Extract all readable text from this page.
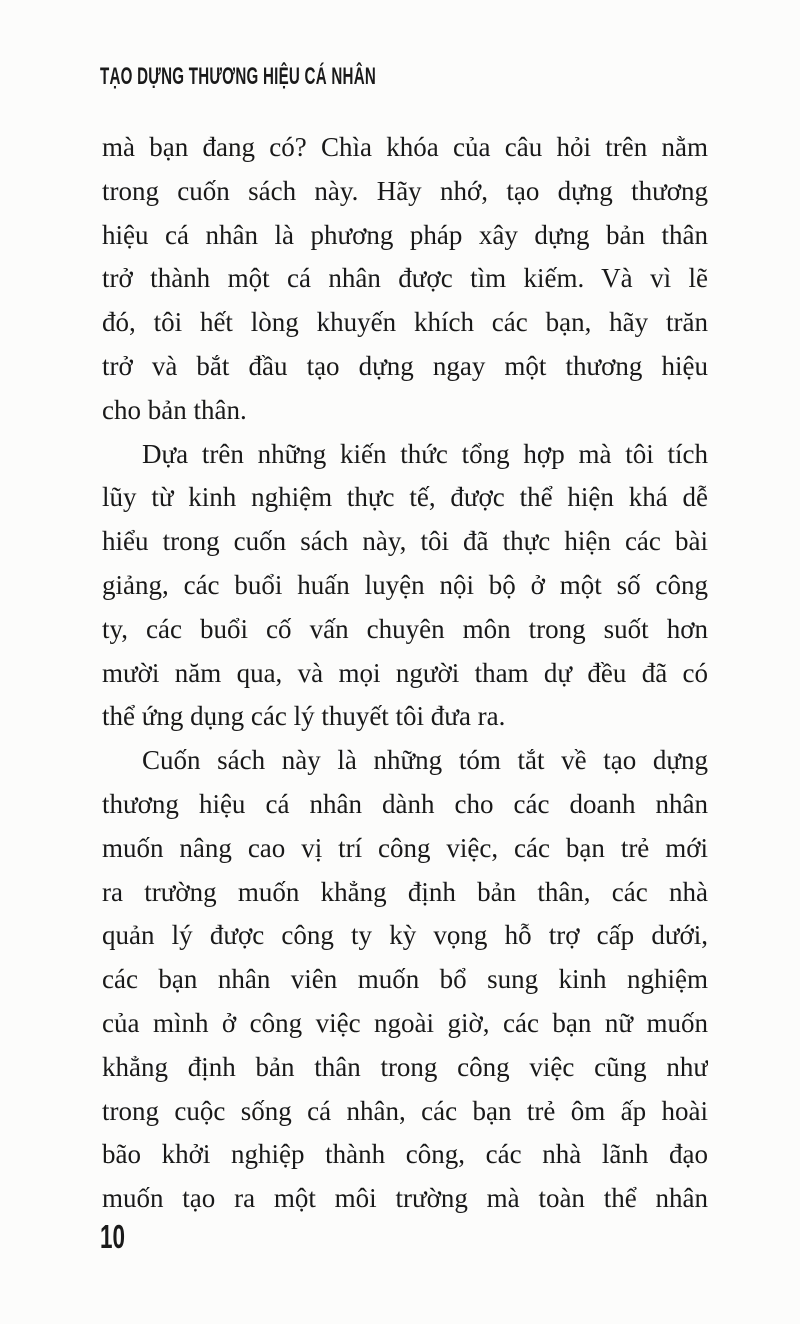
TẠO DỰNG THƯƠNG HIỆU CÁ NHÂN
mà bạn đang có? Chìa khóa của câu hỏi trên nằm
trong cuốn sách này. Hãy nhớ, tạo dựng thương
hiệu cá nhân là phương pháp xây dựng bản thân
trở thành một cá nhân được tìm kiếm. Và vì lẽ
đó, tôi hết lòng khuyến khích các bạn, hãy trăn
trở và bắt đầu tạo dựng ngay một thương hiệu
cho bản thân.
Dựa trên những kiến thức tổng hợp mà tôi tích
lũy từ kinh nghiệm thực tế, được thể hiện khá dễ
hiểu trong cuốn sách này, tôi đã thực hiện các bài
giảng, các buổi huấn luyện nội bộ ở một số công
ty, các buổi cố vấn chuyên môn trong suốt hơn
mười năm qua, và mọi người tham dự đều đã có
thể ứng dụng các lý thuyết tôi đưa ra.
Cuốn sách này là những tóm tắt về tạo dựng
thương hiệu cá nhân dành cho các doanh nhân
muốn nâng cao vị trí công việc, các bạn trẻ mới
ra trường muốn khẳng định bản thân, các nhà
quản lý được công ty kỳ vọng hỗ trợ cấp dưới,
các bạn nhân viên muốn bổ sung kinh nghiệm
của mình ở công việc ngoài giờ, các bạn nữ muốn
khẳng định bản thân trong công việc cũng như
trong cuộc sống cá nhân, các bạn trẻ ôm ấp hoài
bão khởi nghiệp thành công, các nhà lãnh đạo
muốn tạo ra một môi trường mà toàn thể nhân
10
